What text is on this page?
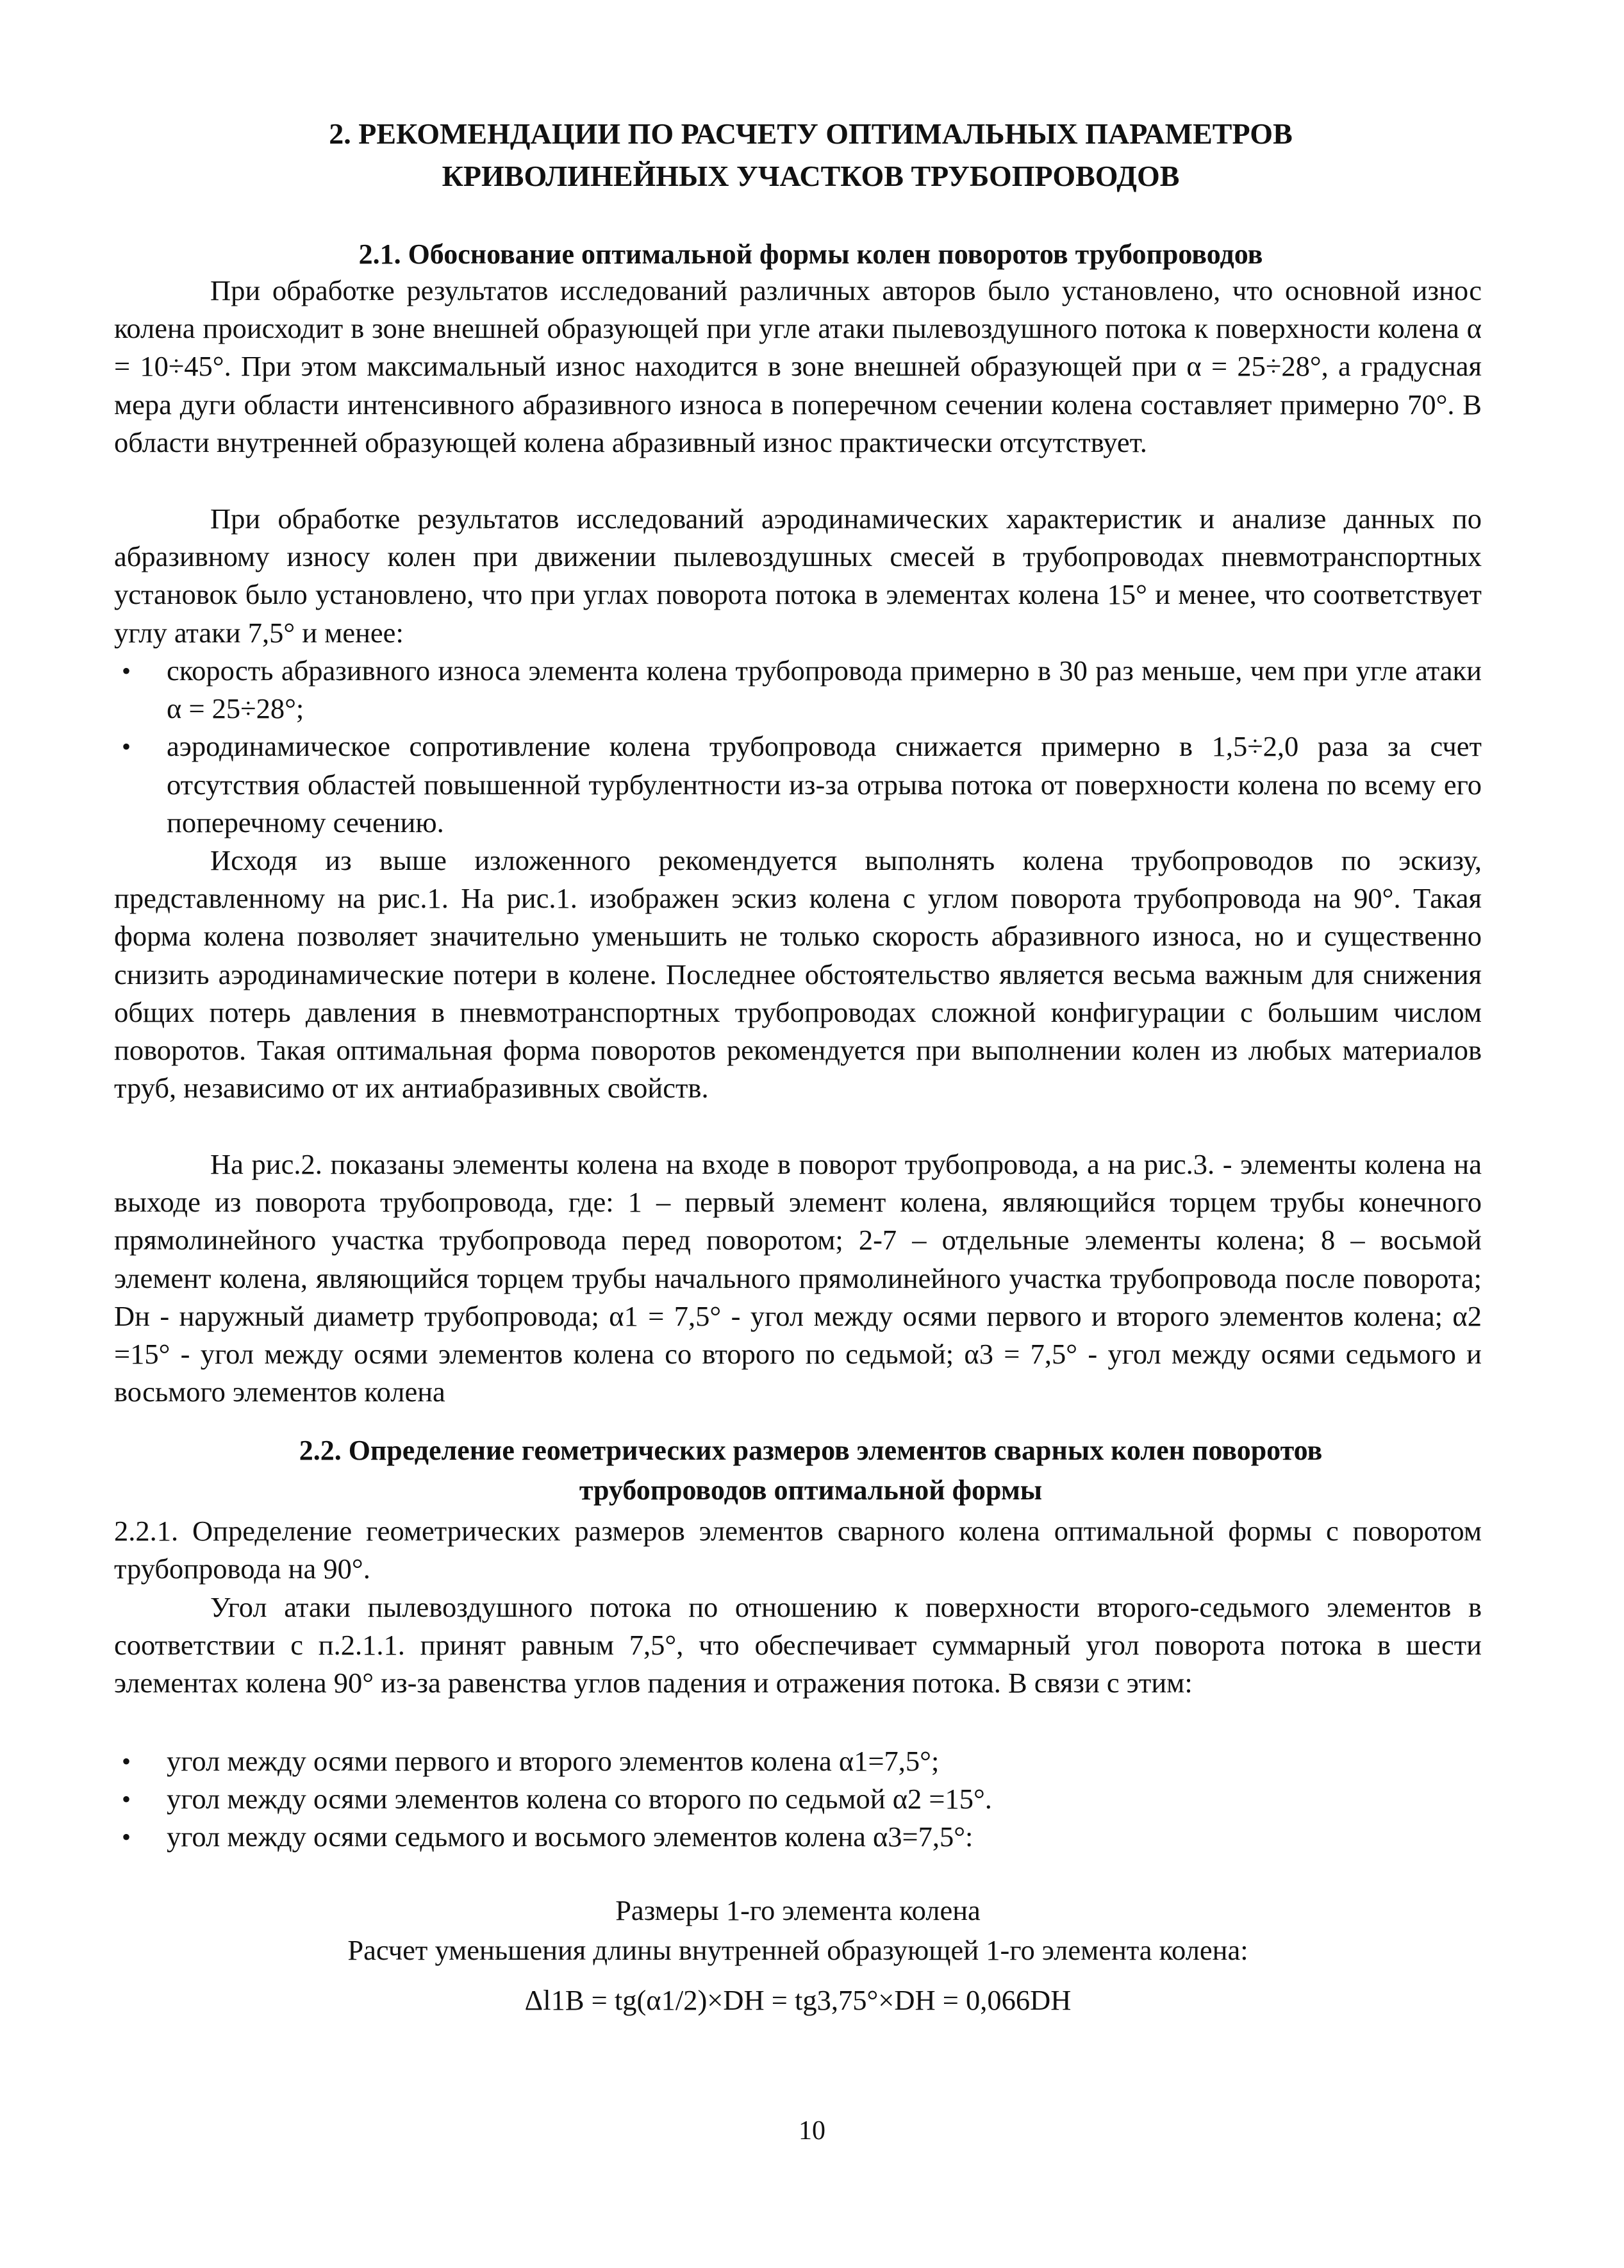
2. РЕКОМЕНДАЦИИ ПО РАСЧЕТУ ОПТИМАЛЬНЫХ ПАРАМЕТРОВ
КРИВОЛИНЕЙНЫХ УЧАСТКОВ ТРУБОПРОВОДОВ
2.1. Обоснование оптимальной формы колен поворотов трубопроводов

При обработке результатов исследований различных авторов было установлено, что основной износ колена происходит в зоне внешней образующей при угле атаки пылевоздушного потока к поверхности колена α = 10÷45°. При этом максимальный износ находится в зоне внешней образующей при α = 25÷28°, а градусная мера дуги области интенсивного абразивного износа в поперечном сечении колена составляет примерно 70°. В области внутренней образующей колена абразивный износ практически отсутствует.

При обработке результатов исследований аэродинамических характеристик и анализе данных по абразивному износу колен при движении пылевоздушных смесей в трубопроводах пневмотранспортных установок было установлено, что при углах поворота потока в элементах колена 15° и менее, что соответствует углу атаки 7,5° и менее:

• скорость абразивного износа элемента колена трубопровода примерно в 30 раз меньше, чем при угле атаки α = 25÷28°;
• аэродинамическое сопротивление колена трубопровода снижается примерно в 1,5÷2,0 раза за счет отсутствия областей повышенной турбулентности из-за отрыва потока от поверхности колена по всему его поперечному сечению.

Исходя из выше изложенного рекомендуется выполнять колена трубопроводов по эскизу, представленному на рис.1. На рис.1. изображен эскиз колена с углом поворота трубопровода на 90°. Такая форма колена позволяет значительно уменьшить не только скорость абразивного износа, но и существенно снизить аэродинамические потери в колене. Последнее обстоятельство является весьма важным для снижения общих потерь давления в пневмотранспортных трубопроводах сложной конфигурации с большим числом поворотов. Такая оптимальная форма поворотов рекомендуется при выполнении колен из любых материалов труб, независимо от их антиабразивных свойств.

На рис.2. показаны элементы колена на входе в поворот трубопровода, а на рис.3. - элементы колена на выходе из поворота трубопровода, где: 1 – первый элемент колена, являющийся торцем трубы конечного прямолинейного участка трубопровода перед поворотом; 2-7 – отдельные элементы колена; 8 – восьмой элемент колена, являющийся торцем трубы начального прямолинейного участка трубопровода после поворота; Dн - наружный диаметр трубопровода; α1 = 7,5° - угол между осями первого и второго элементов колена; α2 =15° - угол между осями элементов колена со второго по седьмой; α3 = 7,5° - угол между осями седьмого и восьмого элементов колена

2.2. Определение геометрических размеров элементов сварных колен поворотов
трубопроводов оптимальной формы

2.2.1. Определение геометрических размеров элементов сварного колена оптимальной формы с поворотом трубопровода на 90°.

Угол атаки пылевоздушного потока по отношению к поверхности второго-седьмого элементов в соответствии с п.2.1.1. принят равным 7,5°, что обеспечивает суммарный угол поворота потока в шести элементах колена 90° из-за равенства углов падения и отражения потока. В связи с этим:

• угол между осями первого и второго элементов колена α1=7,5°;
• угол между осями элементов колена со второго по седьмой α2 =15°.
• угол между осями седьмого и восьмого элементов колена α3=7,5°:

Размеры 1-го элемента колена

Расчет уменьшения длины внутренней образующей 1-го элемента колена:

Δl1В = tg(α1/2)×DН = tg3,75°×DН = 0,066DН

10
